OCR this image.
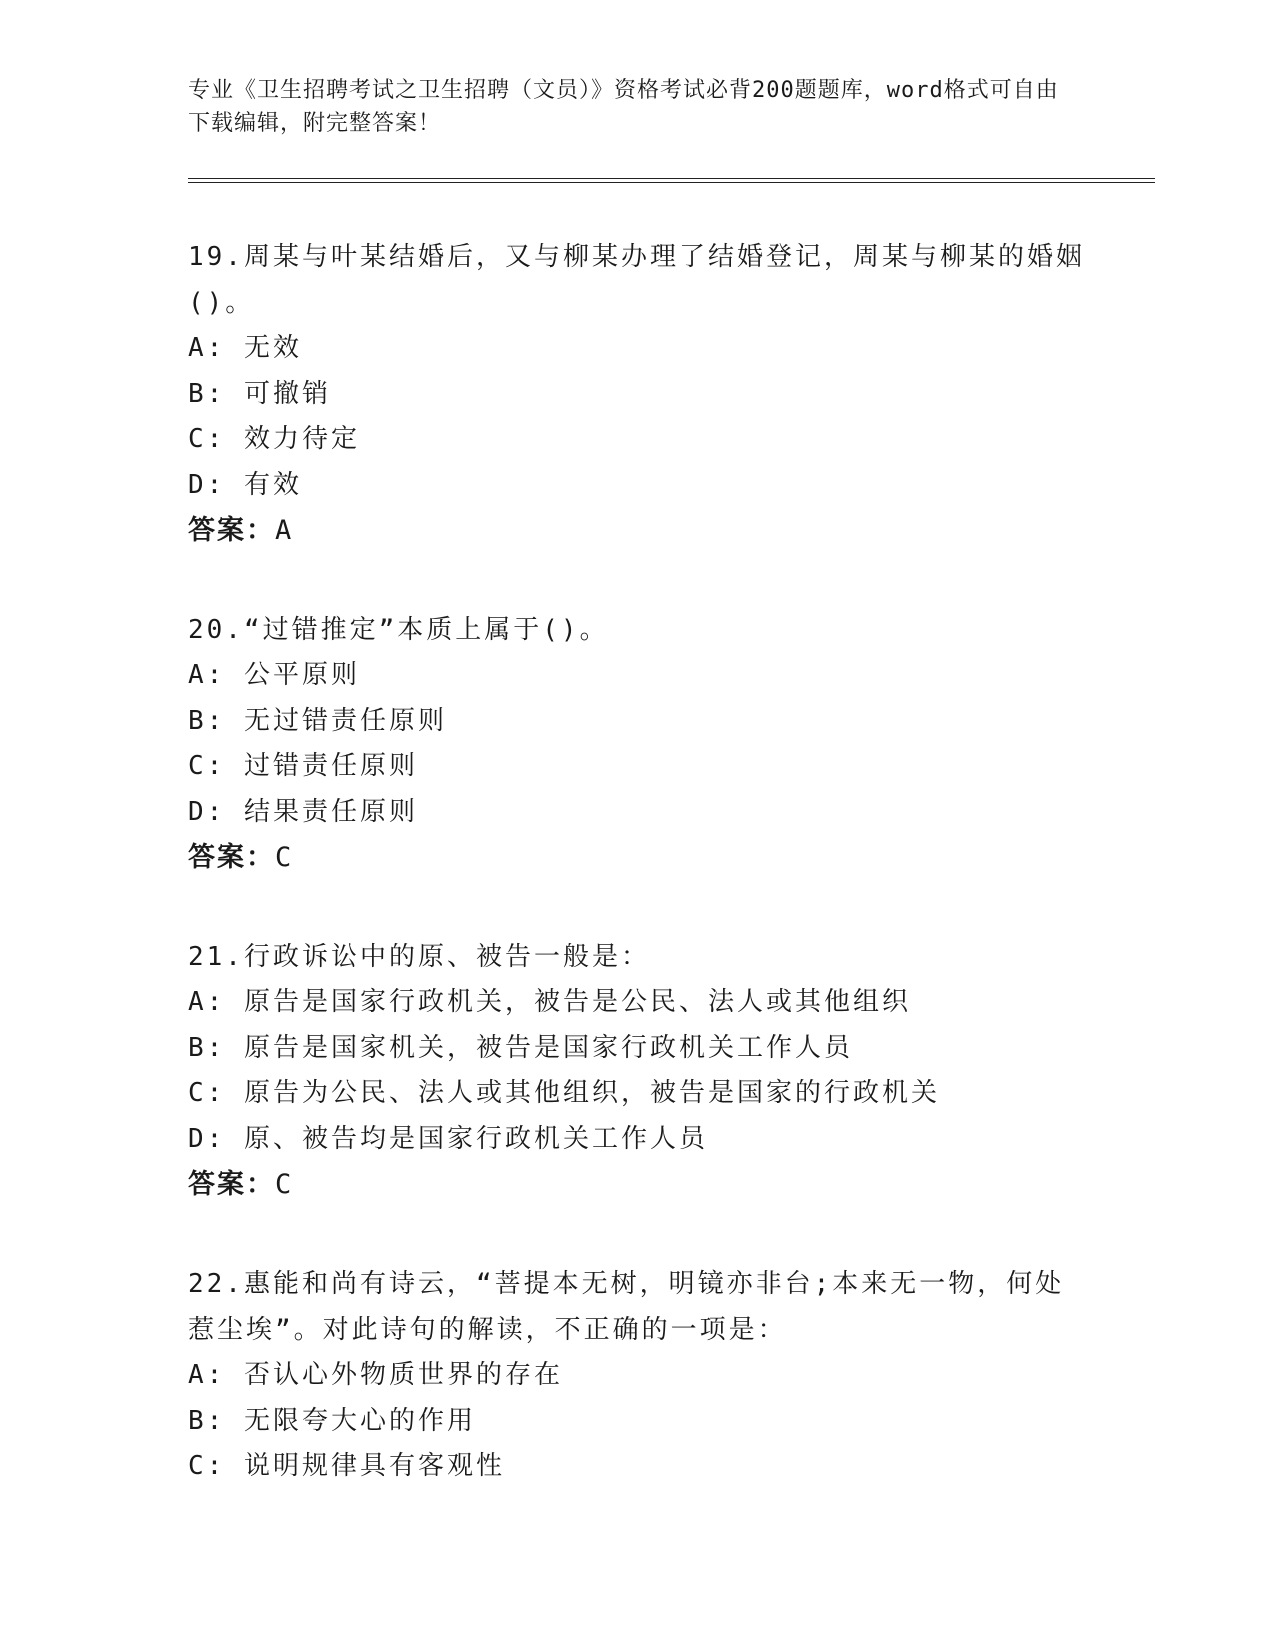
专业《卫生招聘考试之卫生招聘（文员）》资格考试必背200题题库，word格式可自由下载编辑，附完整答案！
19.周某与叶某结婚后，又与柳某办理了结婚登记，周某与柳某的婚姻()。
A: 无效
B: 可撤销
C: 效力待定
D: 有效
答案：A
20.“过错推定”本质上属于()。
A: 公平原则
B: 无过错责任原则
C: 过错责任原则
D: 结果责任原则
答案：C
21.行政诉讼中的原、被告一般是：
A: 原告是国家行政机关，被告是公民、法人或其他组织
B: 原告是国家机关，被告是国家行政机关工作人员
C: 原告为公民、法人或其他组织，被告是国家的行政机关
D: 原、被告均是国家行政机关工作人员
答案：C
22.惠能和尚有诗云，“菩提本无树，明镜亦非台;本来无一物，何处惹尘埃”。对此诗句的解读，不正确的一项是：
A: 否认心外物质世界的存在
B: 无限夸大心的作用
C: 说明规律具有客观性
